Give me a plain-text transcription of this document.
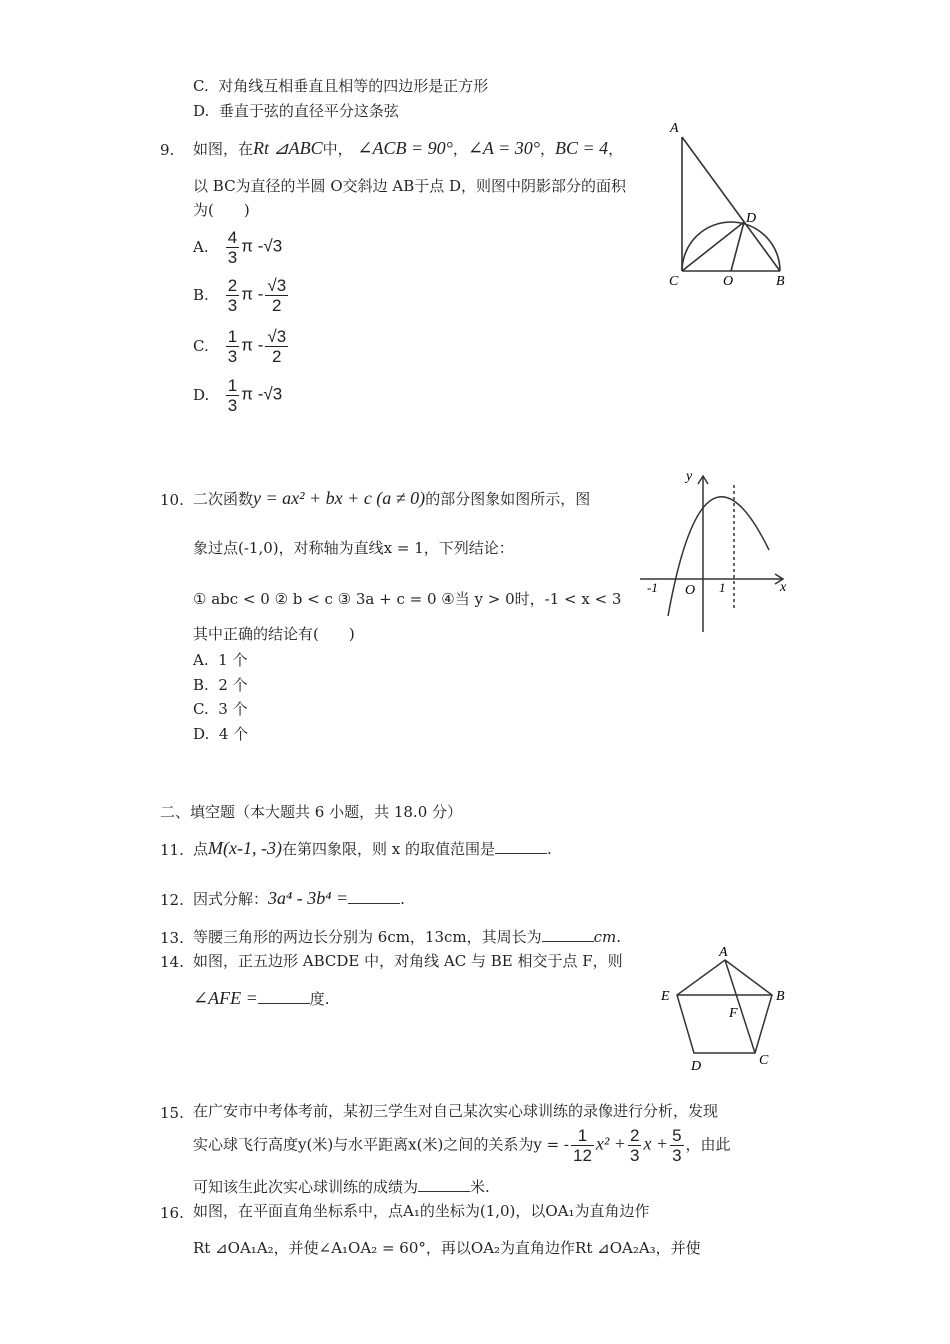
C. 对角线互相垂直且相等的四边形是正方形
D. 垂直于弦的直径平分这条弦
9. 如图，在Rt ⊿ABC中， ∠ACB = 90°，∠A = 30°，BC = 4，
以 BC为直径的半圆 O交斜边 AB于点 D，则图中阴影部分的面积
为(　　)
A. $\frac{4}{3}$ π -√3
B. $\frac{2}{3}$ π - $\frac{√3}{2}$
C. $\frac{1}{3}$ π - $\frac{√3}{2}$
D. $\frac{1}{3}$ π -√3
A
D
C	O	B
10. 二次函数y = ax² + bx + c (a ≠ 0)的部分图象如图所示，图
象过点(-1,0)，对称轴为直线x = 1，下列结论：
① abc < 0 ② b < c ③ 3a + c = 0 ④当 y > 0时，-1 < x < 3
其中正确的结论有(　　)
A. 1 个
B. 2 个
C. 3 个
D. 4 个
y
x
-1 O 1
二、填空题（本大题共 6 小题，共 18.0 分）
11. 点M(x-1, -3)在第四象限，则 x 的取值范围是	.
12. 因式分解：3a⁴ - 3b⁴ =	.
13. 等腰三角形的两边长分别为 6cm，13cm，其周长为	cm.
14. 如图，正五边形 ABCDE 中，对角线 AC 与 BE 相交于点 F，则
∠AFE =	度.
A
B
C
D
E
F
15. 在广安市中考体考前，某初三学生对自己某次实心球训练的录像进行分析，发现
实心球飞行高度y(米)与水平距离x(米)之间的关系为y = - $\frac{1}{12} x^2 + \frac{2}{3}$ $x + \frac{5}{3}$ ，由此
可知该生此次实心球训练的成绩为	米.
16. 如图，在平面直角坐标系中，点A₁的坐标为(1,0)，以OA₁为直角边作
Rt ⊿OA₁A₂，并使∠A₁OA₂ = 60°，再以OA₂为直角边作Rt ⊿OA₂A₃，并使
